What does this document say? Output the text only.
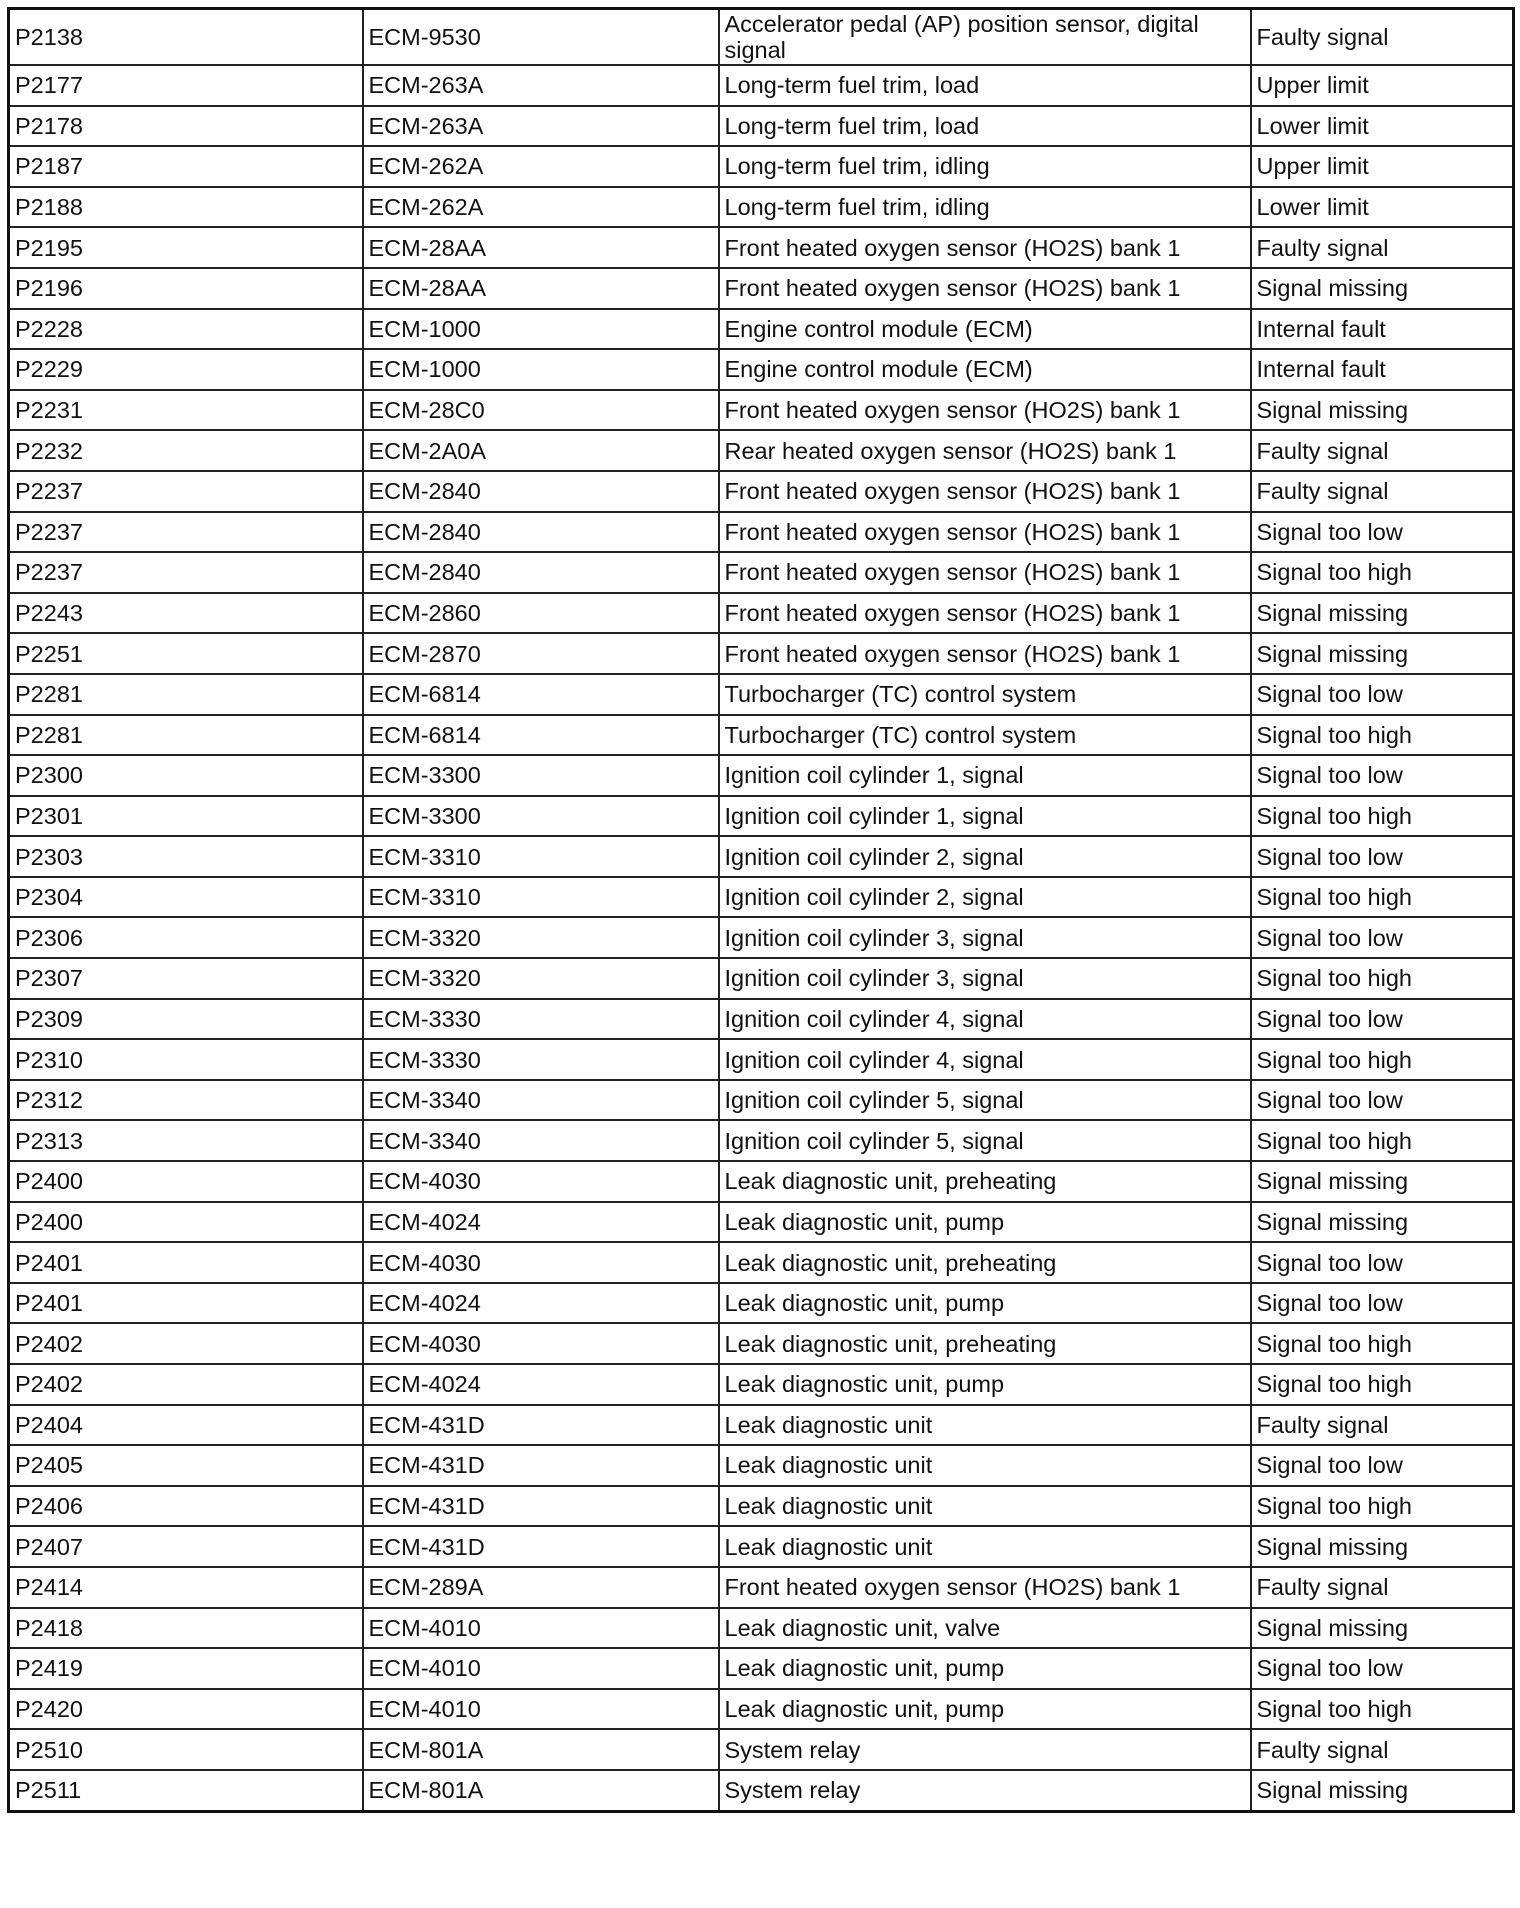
P2138	ECM-9530	Accelerator pedal (AP) position sensor, digital signal	Faulty signal
P2177	ECM-263A	Long-term fuel trim, load	Upper limit
P2178	ECM-263A	Long-term fuel trim, load	Lower limit
P2187	ECM-262A	Long-term fuel trim, idling	Upper limit
P2188	ECM-262A	Long-term fuel trim, idling	Lower limit
P2195	ECM-28AA	Front heated oxygen sensor (HO2S) bank 1	Faulty signal
P2196	ECM-28AA	Front heated oxygen sensor (HO2S) bank 1	Signal missing
P2228	ECM-1000	Engine control module (ECM)	Internal fault
P2229	ECM-1000	Engine control module (ECM)	Internal fault
P2231	ECM-28C0	Front heated oxygen sensor (HO2S) bank 1	Signal missing
P2232	ECM-2A0A	Rear heated oxygen sensor (HO2S) bank 1	Faulty signal
P2237	ECM-2840	Front heated oxygen sensor (HO2S) bank 1	Faulty signal
P2237	ECM-2840	Front heated oxygen sensor (HO2S) bank 1	Signal too low
P2237	ECM-2840	Front heated oxygen sensor (HO2S) bank 1	Signal too high
P2243	ECM-2860	Front heated oxygen sensor (HO2S) bank 1	Signal missing
P2251	ECM-2870	Front heated oxygen sensor (HO2S) bank 1	Signal missing
P2281	ECM-6814	Turbocharger (TC) control system	Signal too low
P2281	ECM-6814	Turbocharger (TC) control system	Signal too high
P2300	ECM-3300	Ignition coil cylinder 1, signal	Signal too low
P2301	ECM-3300	Ignition coil cylinder 1, signal	Signal too high
P2303	ECM-3310	Ignition coil cylinder 2, signal	Signal too low
P2304	ECM-3310	Ignition coil cylinder 2, signal	Signal too high
P2306	ECM-3320	Ignition coil cylinder 3, signal	Signal too low
P2307	ECM-3320	Ignition coil cylinder 3, signal	Signal too high
P2309	ECM-3330	Ignition coil cylinder 4, signal	Signal too low
P2310	ECM-3330	Ignition coil cylinder 4, signal	Signal too high
P2312	ECM-3340	Ignition coil cylinder 5, signal	Signal too low
P2313	ECM-3340	Ignition coil cylinder 5, signal	Signal too high
P2400	ECM-4030	Leak diagnostic unit, preheating	Signal missing
P2400	ECM-4024	Leak diagnostic unit, pump	Signal missing
P2401	ECM-4030	Leak diagnostic unit, preheating	Signal too low
P2401	ECM-4024	Leak diagnostic unit, pump	Signal too low
P2402	ECM-4030	Leak diagnostic unit, preheating	Signal too high
P2402	ECM-4024	Leak diagnostic unit, pump	Signal too high
P2404	ECM-431D	Leak diagnostic unit	Faulty signal
P2405	ECM-431D	Leak diagnostic unit	Signal too low
P2406	ECM-431D	Leak diagnostic unit	Signal too high
P2407	ECM-431D	Leak diagnostic unit	Signal missing
P2414	ECM-289A	Front heated oxygen sensor (HO2S) bank 1	Faulty signal
P2418	ECM-4010	Leak diagnostic unit, valve	Signal missing
P2419	ECM-4010	Leak diagnostic unit, pump	Signal too low
P2420	ECM-4010	Leak diagnostic unit, pump	Signal too high
P2510	ECM-801A	System relay	Faulty signal
P2511	ECM-801A	System relay	Signal missing
